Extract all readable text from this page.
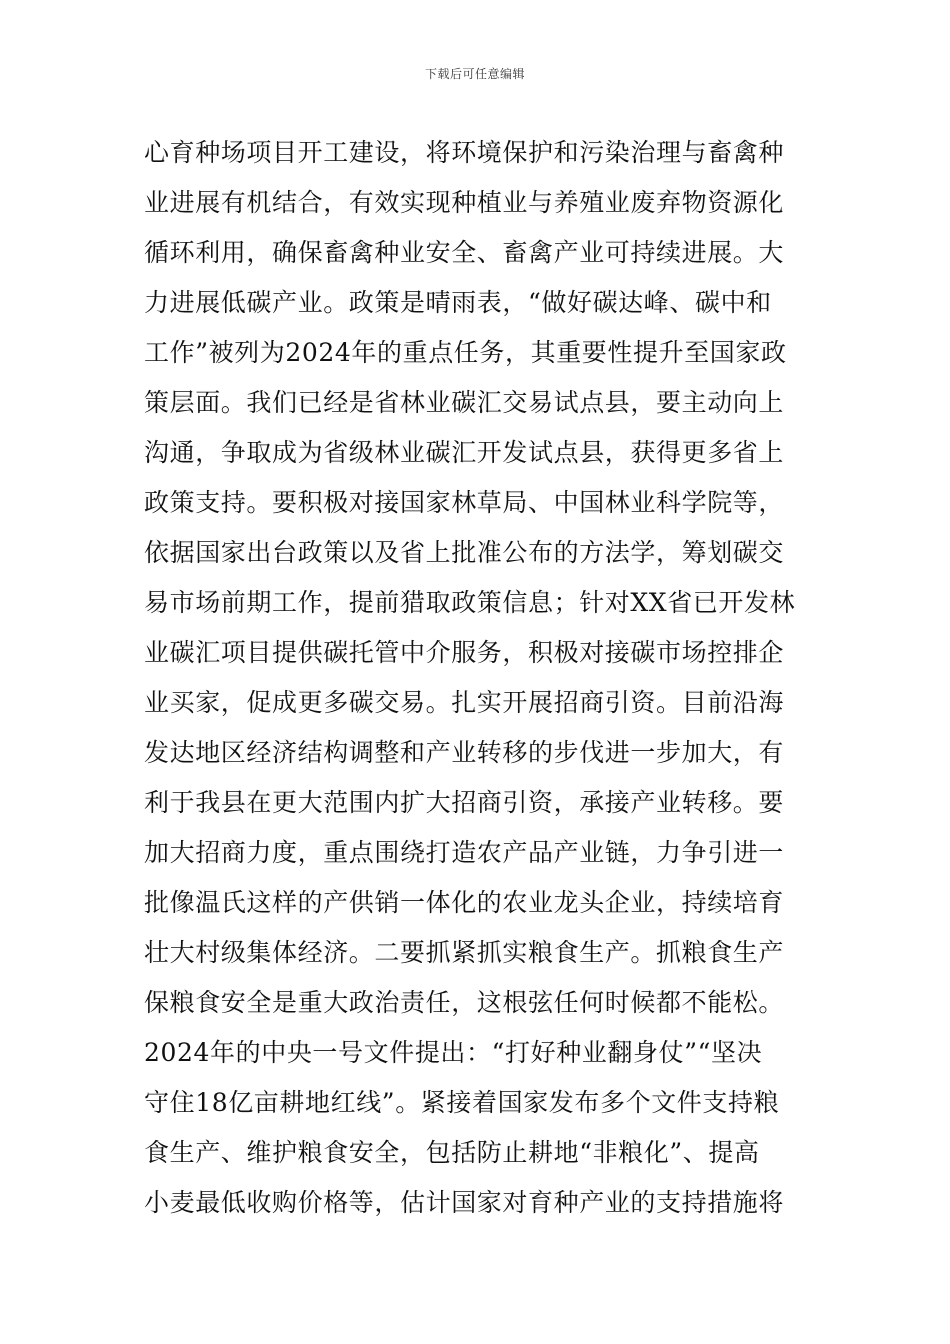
下载后可任意编辑
心育种场项目开工建设，将环境保护和污染治理与畜禽种
业进展有机结合，有效实现种植业与养殖业废弃物资源化
循环利用，确保畜禽种业安全、畜禽产业可持续进展。大
力进展低碳产业。政策是晴雨表，“做好碳达峰、碳中和
工作”被列为2024年的重点任务，其重要性提升至国家政
策层面。我们已经是省林业碳汇交易试点县，要主动向上
沟通，争取成为省级林业碳汇开发试点县，获得更多省上
政策支持。要积极对接国家林草局、中国林业科学院等，
依据国家出台政策以及省上批准公布的方法学，筹划碳交
易市场前期工作，提前猎取政策信息；针对XX省已开发林
业碳汇项目提供碳托管中介服务，积极对接碳市场控排企
业买家，促成更多碳交易。扎实开展招商引资。目前沿海
发达地区经济结构调整和产业转移的步伐进一步加大，有
利于我县在更大范围内扩大招商引资，承接产业转移。要
加大招商力度，重点围绕打造农产品产业链，力争引进一
批像温氏这样的产供销一体化的农业龙头企业，持续培育
壮大村级集体经济。二要抓紧抓实粮食生产。抓粮食生产
保粮食安全是重大政治责任，这根弦任何时候都不能松。
2024年的中央一号文件提出：“打好种业翻身仗”“坚决
守住18亿亩耕地红线”。紧接着国家发布多个文件支持粮
食生产、维护粮食安全，包括防止耕地“非粮化”、提高
小麦最低收购价格等，估计国家对育种产业的支持措施将
